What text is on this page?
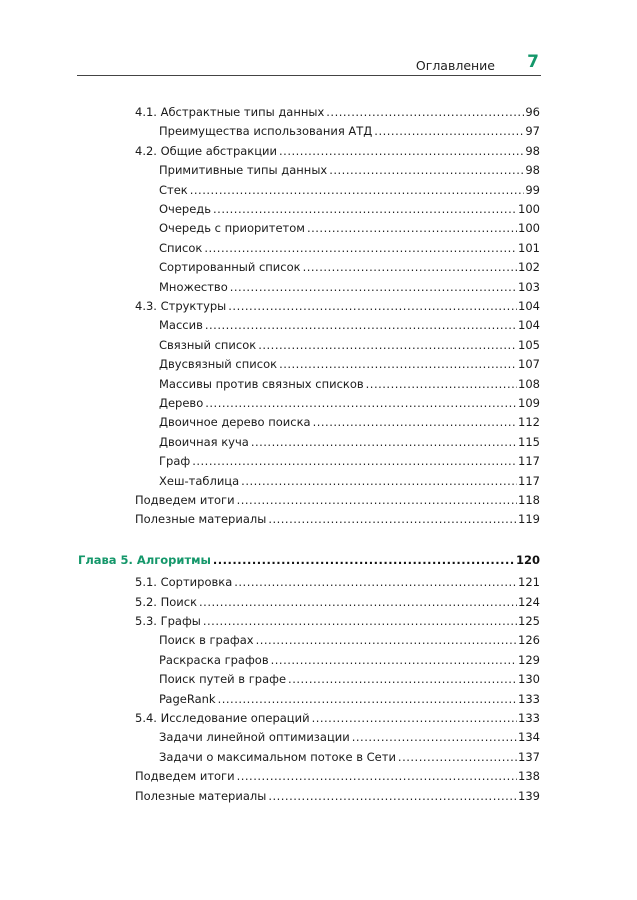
Оглавление 7
4.1. Абстрактные типы данных .....	96
Преимущества использования АТД .....	97
4.2. Общие абстракции .....	98
Примитивные типы данных .....	98
Стек .....	99
Очередь .....	100
Очередь с приоритетом .....	100
Список .....	101
Сортированный список .....	102
Множество .....	103
4.3. Структуры .....	104
Массив .....	104
Связный список .....	105
Двусвязный список .....	107
Массивы против связных списков .....	108
Дерево .....	109
Двоичное дерево поиска .....	112
Двоичная куча .....	115
Граф .....	117
Хеш-таблица .....	117
Подведем итоги .....	118
Полезные материалы .....	119
Глава 5. Алгоритмы .....	120
5.1. Сортировка .....	121
5.2. Поиск .....	124
5.3. Графы .....	125
Поиск в графах .....	126
Раскраска графов .....	129
Поиск путей в графе .....	130
PageRank .....	133
5.4. Исследование операций .....	133
Задачи линейной оптимизации .....	134
Задачи о максимальном потоке в Сети .....	137
Подведем итоги .....	138
Полезные материалы .....	139
